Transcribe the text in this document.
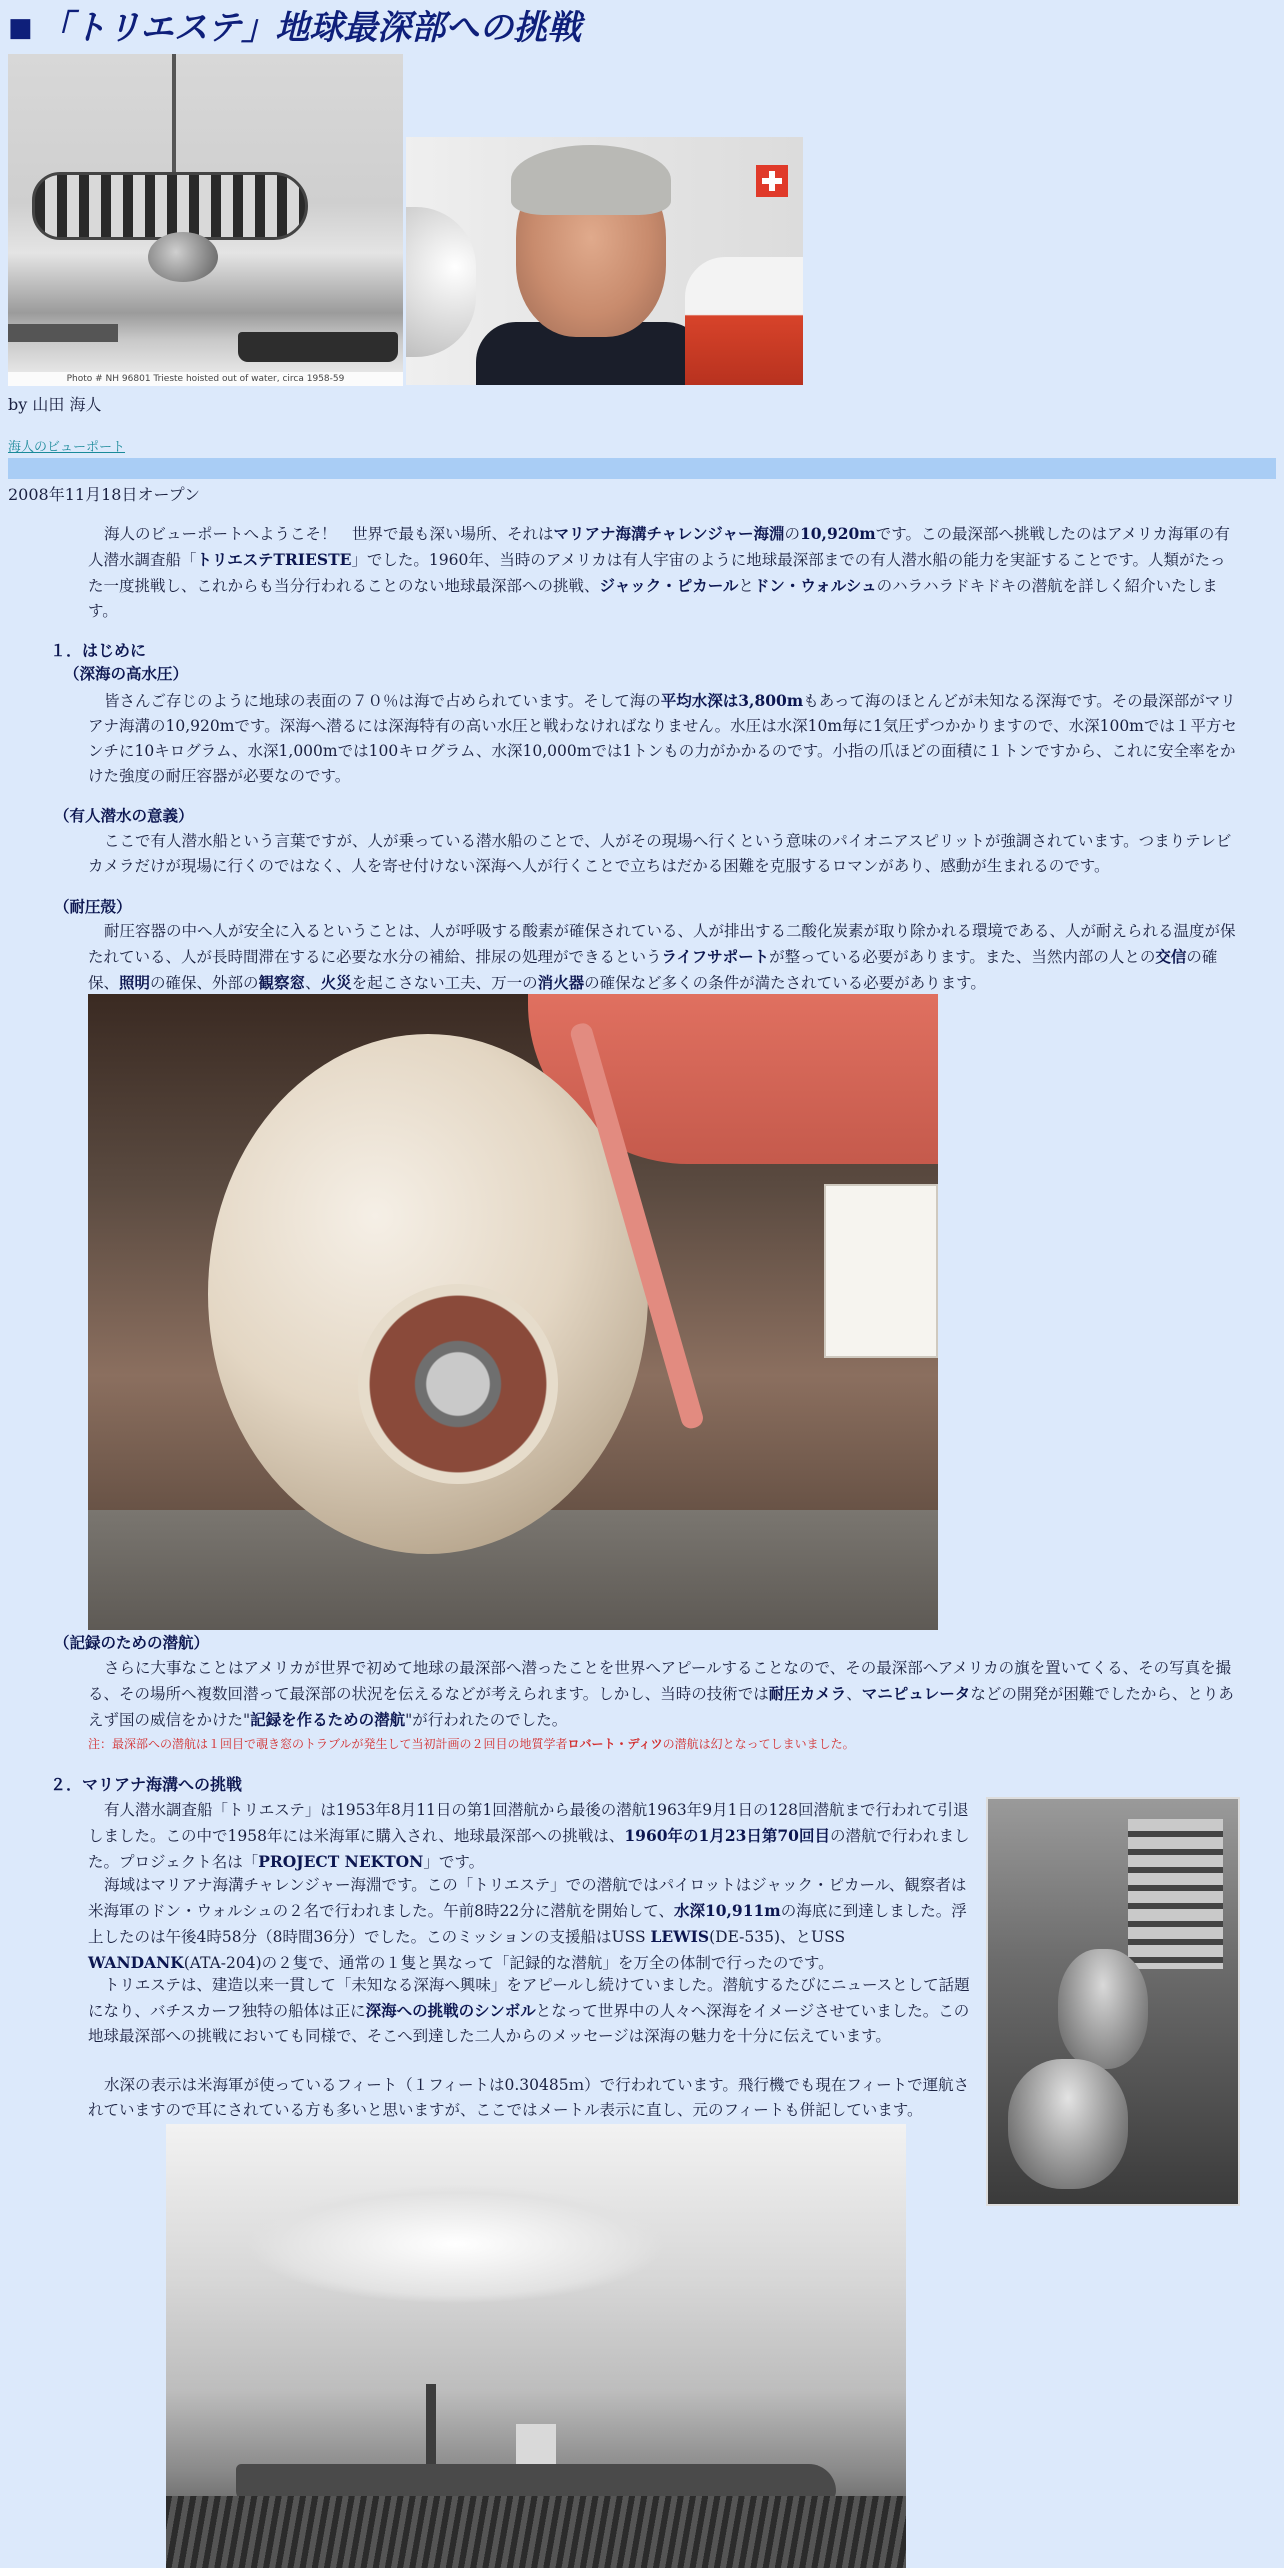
■ 「トリエステ」地球最深部への挑戦
Photo # NH 96801 Trieste hoisted out of water, circa 1958-59
by 山田 海人
海人のビューポート
2008年11月18日オープン

海人のビューポートへようこそ！　世界で最も深い場所、それはマリアナ海溝チャレンジャー海淵の10,920mです。この最深部へ挑戦したのはアメリカ海軍の有人潜水調査船「トリエステTRIESTE」でした。1960年、当時のアメリカは有人宇宙のように地球最深部までの有人潜水船の能力を実証することです。人類がたった一度挑戦し、これからも当分行われることのない地球最深部への挑戦、ジャック・ピカールとドン・ウォルシュのハラハラドキドキの潜航を詳しく紹介いたします。

１．はじめに
（深海の高水圧）

皆さんご存じのように地球の表面の７０％は海で占められています。そして海の平均水深は3,800mもあって海のほとんどが未知なる深海です。その最深部がマリアナ海溝の10,920mです。深海へ潜るには深海特有の高い水圧と戦わなければなりません。水圧は水深10m毎に1気圧ずつかかりますので、水深100mでは１平方センチに10キログラム、水深1,000mでは100キログラム、水深10,000mでは1トンもの力がかかるのです。小指の爪ほどの面積に１トンですから、これに安全率をかけた強度の耐圧容器が必要なのです。

（有人潜水の意義）

ここで有人潜水船という言葉ですが、人が乗っている潜水船のことで、人がその現場へ行くという意味のパイオニアスピリットが強調されています。つまりテレビカメラだけが現場に行くのではなく、人を寄せ付けない深海へ人が行くことで立ちはだかる困難を克服するロマンがあり、感動が生まれるのです。

（耐圧殻）

耐圧容器の中へ人が安全に入るということは、人が呼吸する酸素が確保されている、人が排出する二酸化炭素が取り除かれる環境である、人が耐えられる温度が保たれている、人が長時間滞在するに必要な水分の補給、排尿の処理ができるというライフサポートが整っている必要があります。また、当然内部の人との交信の確保、照明の確保、外部の観察窓、火災を起こさない工夫、万一の消火器の確保など多くの条件が満たされている必要があります。

（記録のための潜航）

さらに大事なことはアメリカが世界で初めて地球の最深部へ潜ったことを世界へアピールすることなので、その最深部へアメリカの旗を置いてくる、その写真を撮る、その場所へ複数回潜って最深部の状況を伝えるなどが考えられます。しかし、当時の技術では耐圧カメラ、マニピュレータなどの開発が困難でしたから、とりあえず国の威信をかけた"記録を作るための潜航"が行われたのでした。

注：最深部への潜航は１回目で覗き窓のトラブルが発生して当初計画の２回目の地質学者ロバート・ディツの潜航は幻となってしまいました。
２．マリアナ海溝への挑戦

有人潜水調査船「トリエステ」は1953年8月11日の第1回潜航から最後の潜航1963年9月1日の128回潜航まで行われて引退しました。この中で1958年には米海軍に購入され、地球最深部への挑戦は、1960年の1月23日第70回目の潜航で行われました。プロジェクト名は「PROJECT NEKTON」です。

海域はマリアナ海溝チャレンジャー海淵です。この「トリエステ」での潜航ではパイロットはジャック・ピカール、観察者は米海軍のドン・ウォルシュの２名で行われました。午前8時22分に潜航を開始して、水深10,911mの海底に到達しました。浮上したのは午後4時58分（8時間36分）でした。このミッションの支援船はUSS LEWIS(DE-535)、とUSS WANDANK(ATA-204)の２隻で、通常の１隻と異なって「記録的な潜航」を万全の体制で行ったのです。

トリエステは、建造以来一貫して「未知なる深海へ興味」をアピールし続けていました。潜航するたびにニュースとして話題になり、バチスカーフ独特の船体は正に深海への挑戦のシンボルとなって世界中の人々へ深海をイメージさせていました。この地球最深部への挑戦においても同様で、そこへ到達した二人からのメッセージは深海の魅力を十分に伝えています。

水深の表示は米海軍が使っているフィート（１フィートは0.30485ｍ）で行われています。飛行機でも現在フィートで運航されていますので耳にされている方も多いと思いますが、ここではメートル表示に直し、元のフィートも併記しています。
